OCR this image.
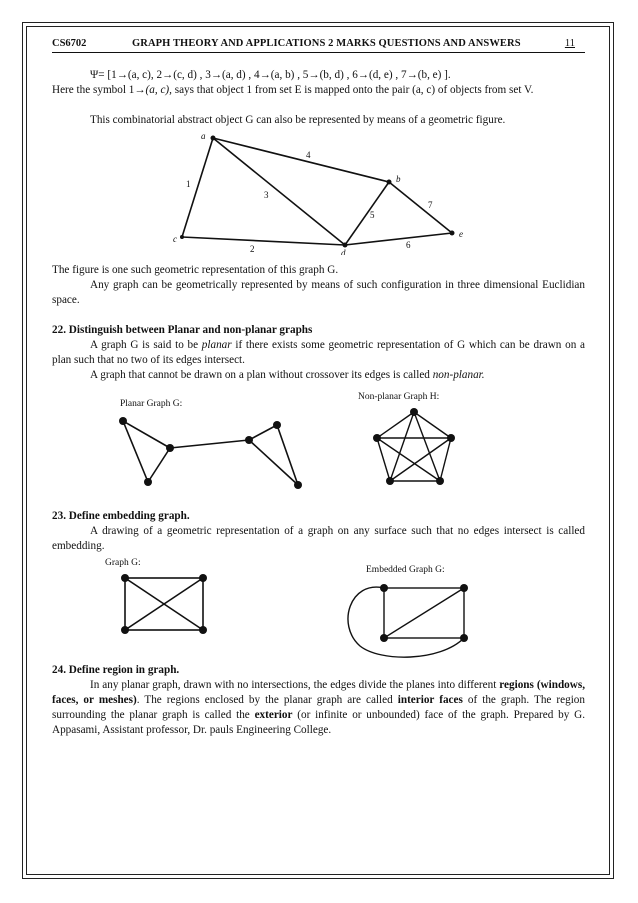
CS6702	GRAPH THEORY AND APPLICATIONS 2 MARKS QUESTIONS AND ANSWERS	11
Ψ= [1→(a, c), 2→(c, d) , 3→(a, d) , 4→(a, b) , 5→(b, d) , 6→(d, e) , 7→(b, e) ].
Here the symbol 1→(a, c), says that object 1 from set E is mapped onto the pair (a, c) of objects from set V.
This combinatorial abstract object G can also be represented by means of a geometric figure.
a
b
c
d
e
1
2
3
4
5
6
7
The figure is one such geometric representation of this graph G.
Any graph can be geometrically represented by means of such configuration in three dimensional Euclidian space.
22. Distinguish between Planar and non-planar graphs
A graph G is said to be planar if there exists some geometric representation of G which can be drawn on a plan such that no two of its edges intersect.
A graph that cannot be drawn on a plan without crossover its edges is called non-planar.
Planar Graph G:
Non-planar Graph H:
23. Define embedding graph.
A drawing of a geometric representation of a graph on any surface such that no edges intersect is called embedding.
Graph G:
Embedded Graph G:
24. Define region in graph.
In any planar graph, drawn with no intersections, the edges divide the planes into different regions (windows, faces, or meshes). The regions enclosed by the planar graph are called interior faces of the graph. The region surrounding the planar graph is called the exterior (or infinite or unbounded) face of the graph. Prepared by G. Appasami, Assistant professor, Dr. pauls Engineering College.
